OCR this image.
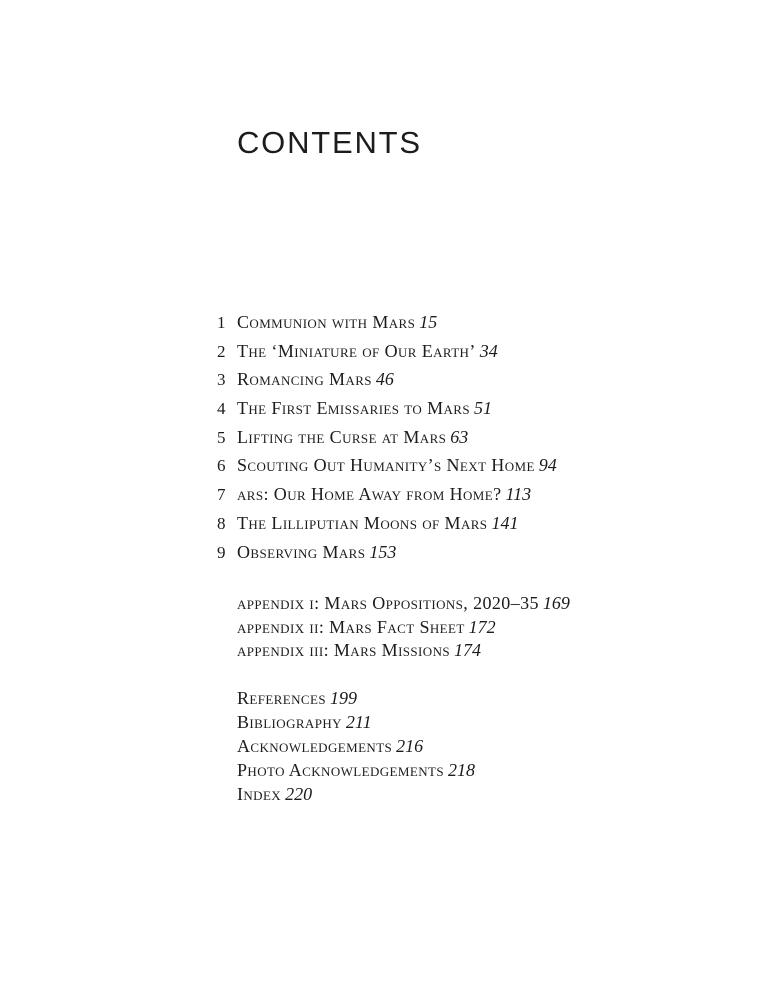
CONTENTS
1 Communion with Mars 15
2 The ‘Miniature of Our Earth’ 34
3 Romancing Mars 46
4 The First Emissaries to Mars 51
5 Lifting the Curse at Mars 63
6 Scouting Out Humanity’s Next Home 94
7 ars: Our Home Away from Home? 113
8 The Lilliputian Moons of Mars 141
9 Observing Mars 153
appendix i: Mars Oppositions, 2020–35 169
appendix ii: Mars Fact Sheet 172
appendix iii: Mars Missions 174
References 199
Bibliography 211
Acknowledgements 216
Photo Acknowledgements 218
Index 220
